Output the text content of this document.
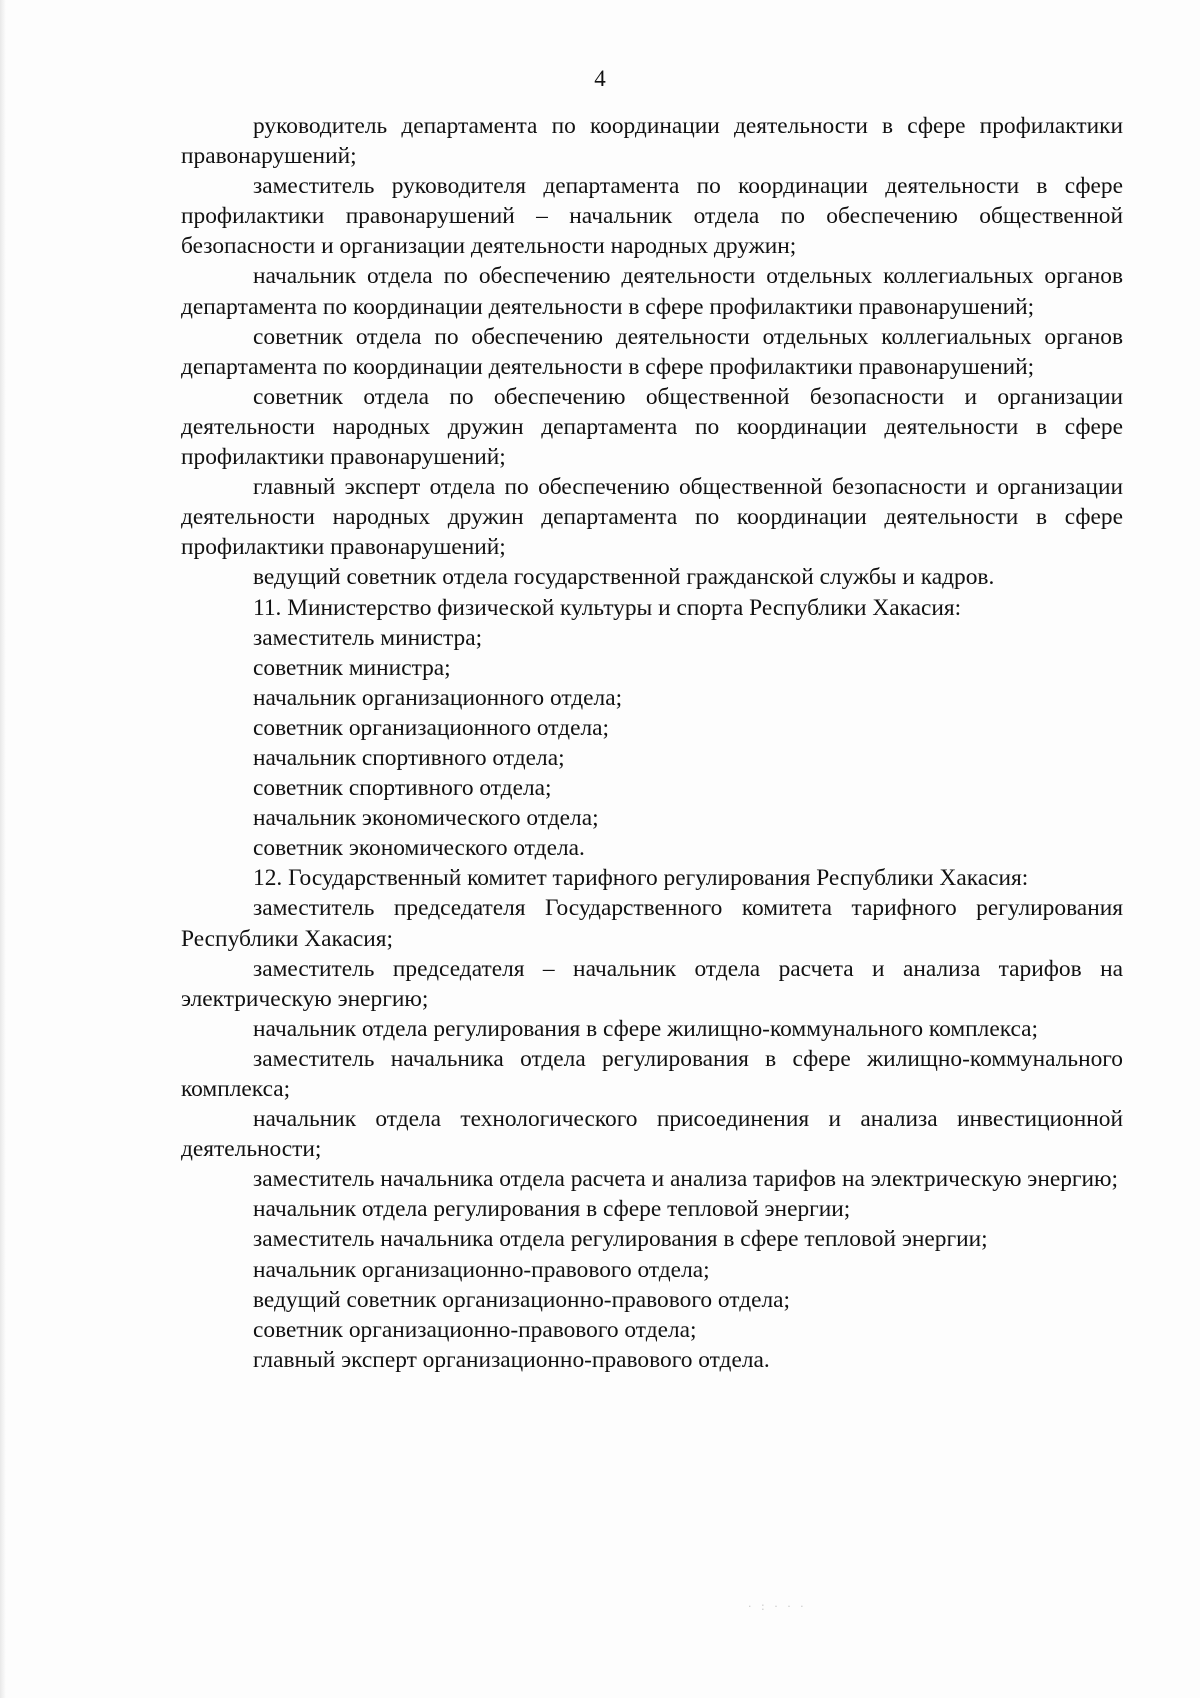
4

руководитель департамента по координации деятельности в сфере профилактики правонарушений;

заместитель руководителя департамента по координации деятельности в сфере профилактики правонарушений – начальник отдела по обеспечению общественной безопасности и организации деятельности народных дружин;

начальник отдела по обеспечению деятельности отдельных коллегиальных органов департамента по координации деятельности в сфере профилактики правонарушений;

советник отдела по обеспечению деятельности отдельных коллегиальных органов департамента по координации деятельности в сфере профилактики правонарушений;

советник отдела по обеспечению общественной безопасности и организации деятельности народных дружин департамента по координации деятельности в сфере профилактики правонарушений;

главный эксперт отдела по обеспечению общественной безопасности и организации деятельности народных дружин департамента по координации деятельности в сфере профилактики правонарушений;

ведущий советник отдела государственной гражданской службы и кадров.

11. Министерство физической культуры и спорта Республики Хакасия:

заместитель министра;

советник министра;

начальник организационного отдела;

советник организационного отдела;

начальник спортивного отдела;

советник спортивного отдела;

начальник экономического отдела;

советник экономического отдела.

12. Государственный комитет тарифного регулирования Республики Хакасия:

заместитель председателя Государственного комитета тарифного регулирования Республики Хакасия;

заместитель председателя – начальник отдела расчета и анализа тарифов на электрическую энергию;

начальник отдела регулирования в сфере жилищно-коммунального комплекса;

заместитель начальника отдела регулирования в сфере жилищно-коммунального комплекса;

начальник отдела технологического присоединения и анализа инвестиционной деятельности;

заместитель начальника отдела расчета и анализа тарифов на электрическую энергию;

начальник отдела регулирования в сфере тепловой энергии;

заместитель начальника отдела регулирования в сфере тепловой энергии;

начальник организационно-правового отдела;

ведущий советник организационно-правового отдела;

советник организационно-правового отдела;

главный эксперт организационно-правового отдела.

· : · · ·
